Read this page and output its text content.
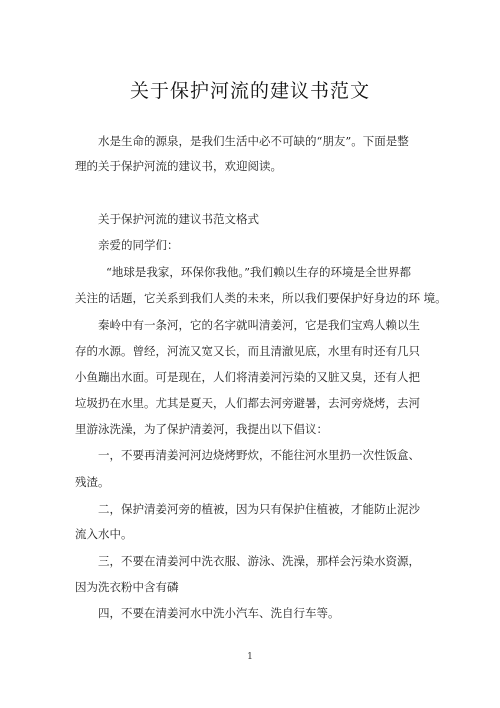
关于保护河流的建议书范文
水是生命的源泉，是我们生活中必不可缺的“朋友”。下面是整
理的关于保护河流的建议书，欢迎阅读。
关于保护河流的建议书范文格式
亲爱的同学们：
“地球是我家，环保你我他。”我们赖以生存的环境是全世界都
关注的话题，它关系到我们人类的未来，所以我们要保护好身边的环 境。
秦岭中有一条河，它的名字就叫清姜河，它是我们宝鸡人赖以生
存的水源。曾经，河流又宽又长，而且清澈见底，水里有时还有几只
小鱼蹦出水面。可是现在，人们将清姜河污染的又脏又臭，还有人把
垃圾扔在水里。尤其是夏天，人们都去河旁避暑，去河旁烧烤，去河
里游泳洗澡，为了保护清姜河，我提出以下倡议：
一，不要再清姜河河边烧烤野炊，不能往河水里扔一次性饭盒、
残渣。
二，保护清姜河旁的植被，因为只有保护住植被，才能防止泥沙
流入水中。
三，不要在清姜河中洗衣服、游泳、洗澡，那样会污染水资源，
因为洗衣粉中含有磷
四，不要在清姜河水中洗小汽车、洗自行车等。
1
